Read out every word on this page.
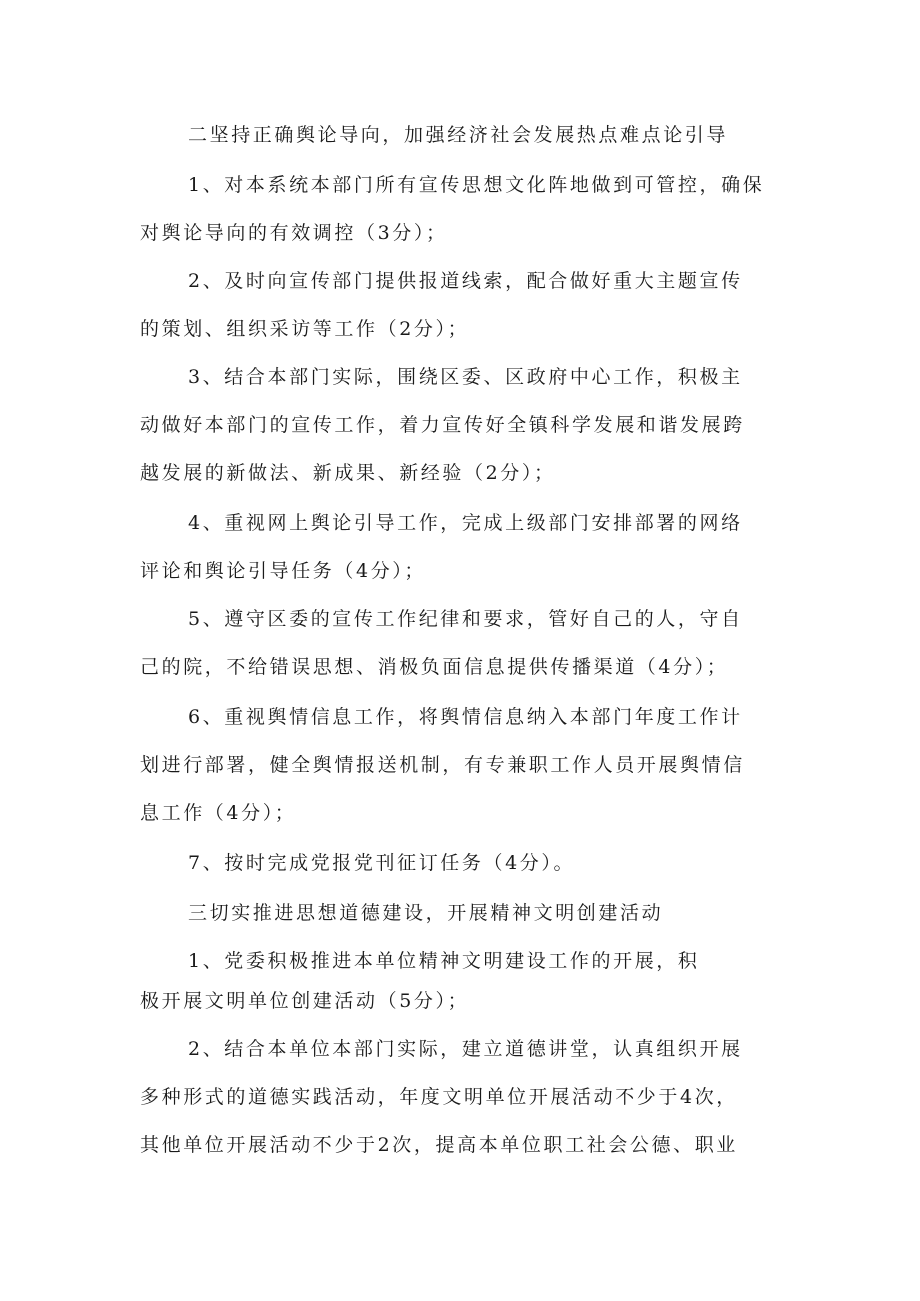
二坚持正确舆论导向，加强经济社会发展热点难点论引导
1、对本系统本部门所有宣传思想文化阵地做到可管控，确保
对舆论导向的有效调控（3分）；
2、及时向宣传部门提供报道线索，配合做好重大主题宣传
的策划、组织采访等工作（2分）；
3、结合本部门实际，围绕区委、区政府中心工作，积极主
动做好本部门的宣传工作，着力宣传好全镇科学发展和谐发展跨
越发展的新做法、新成果、新经验（2分）；
4、重视网上舆论引导工作，完成上级部门安排部署的网络
评论和舆论引导任务（4分）；
5、遵守区委的宣传工作纪律和要求，管好自己的人，守自
己的院，不给错误思想、消极负面信息提供传播渠道（4分）；
6、重视舆情信息工作，将舆情信息纳入本部门年度工作计
划进行部署，健全舆情报送机制，有专兼职工作人员开展舆情信
息工作（4分）；
7、按时完成党报党刊征订任务（4分）。
三切实推进思想道德建设，开展精神文明创建活动
1、党委积极推进本单位精神文明建设工作的开展，积
极开展文明单位创建活动（5分）；
2、结合本单位本部门实际，建立道德讲堂，认真组织开展
多种形式的道德实践活动，年度文明单位开展活动不少于4次，
其他单位开展活动不少于2次，提高本单位职工社会公德、职业
